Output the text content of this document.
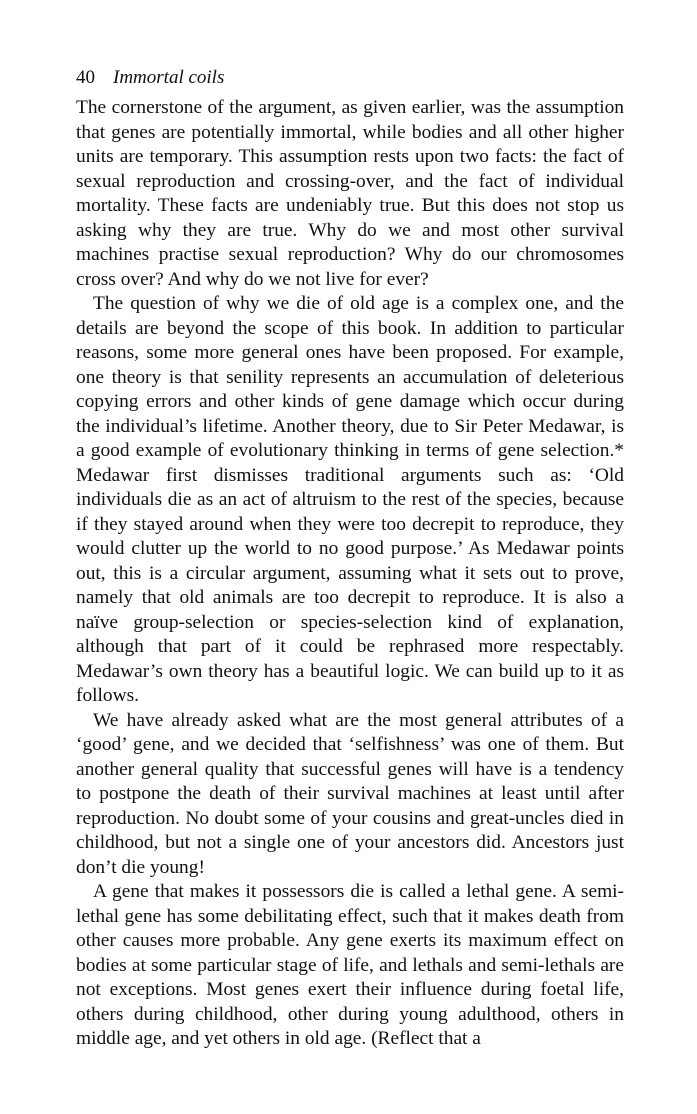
40 Immortal coils

The cornerstone of the argument, as given earlier, was the assumption that genes are potentially immortal, while bodies and all other higher units are temporary. This assumption rests upon two facts: the fact of sexual reproduction and crossing-over, and the fact of individual mortality. These facts are undeniably true. But this does not stop us asking why they are true. Why do we and most other survival machines practise sexual reproduction? Why do our chromosomes cross over? And why do we not live for ever?

The question of why we die of old age is a complex one, and the details are beyond the scope of this book. In addition to particular reasons, some more general ones have been proposed. For example, one theory is that senility represents an accumulation of deleterious copying errors and other kinds of gene damage which occur during the individual’s lifetime. Another theory, due to Sir Peter Medawar, is a good example of evolutionary thinking in terms of gene selection.* Medawar first dismisses traditional arguments such as: ‘Old individuals die as an act of altruism to the rest of the species, because if they stayed around when they were too decrepit to reproduce, they would clutter up the world to no good purpose.’ As Medawar points out, this is a circular argument, assuming what it sets out to prove, namely that old animals are too decrepit to reproduce. It is also a naïve group-selection or species-selection kind of explanation, although that part of it could be rephrased more respectably. Medawar’s own theory has a beautiful logic. We can build up to it as follows.

We have already asked what are the most general attributes of a ‘good’ gene, and we decided that ‘selfishness’ was one of them. But another general quality that successful genes will have is a tendency to postpone the death of their survival machines at least until after reproduction. No doubt some of your cousins and great-uncles died in childhood, but not a single one of your ancestors did. Ancestors just don’t die young!

A gene that makes it possessors die is called a lethal gene. A semi-lethal gene has some debilitating effect, such that it makes death from other causes more probable. Any gene exerts its maximum effect on bodies at some particular stage of life, and lethals and semi-lethals are not exceptions. Most genes exert their influence during foetal life, others during childhood, other during young adulthood, others in middle age, and yet others in old age. (Reflect that a
